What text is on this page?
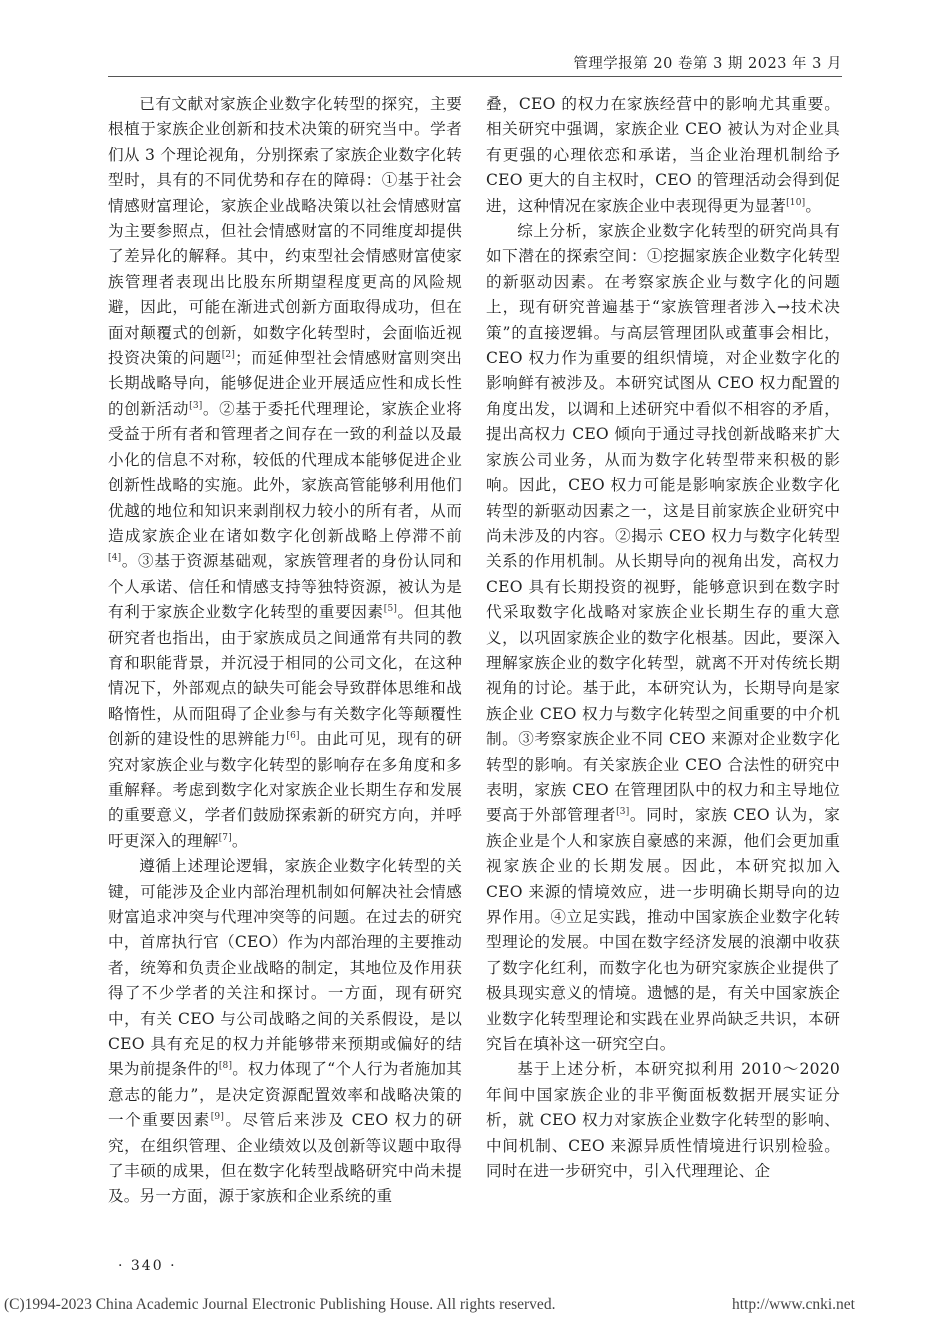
管理学报第 20 卷第 3 期 2023 年 3 月

已有文献对家族企业数字化转型的探究，主要根植于家族企业创新和技术决策的研究当中。学者们从 3 个理论视角，分别探索了家族企业数字化转型时，具有的不同优势和存在的障碍：①基于社会情感财富理论，家族企业战略决策以社会情感财富为主要参照点，但社会情感财富的不同维度却提供了差异化的解释。其中，约束型社会情感财富使家族管理者表现出比股东所期望程度更高的风险规避，因此，可能在渐进式创新方面取得成功，但在面对颠覆式的创新，如数字化转型时，会面临近视投资决策的问题[2]；而延伸型社会情感财富则突出长期战略导向，能够促进企业开展适应性和成长性的创新活动[3]。②基于委托代理理论，家族企业将受益于所有者和管理者之间存在一致的利益以及最小化的信息不对称，较低的代理成本能够促进企业创新性战略的实施。此外，家族高管能够利用他们优越的地位和知识来剥削权力较小的所有者，从而造成家族企业在诸如数字化创新战略上停滞不前[4]。③基于资源基础观，家族管理者的身份认同和个人承诺、信任和情感支持等独特资源，被认为是有利于家族企业数字化转型的重要因素[5]。但其他研究者也指出，由于家族成员之间通常有共同的教育和职能背景，并沉浸于相同的公司文化，在这种情况下，外部观点的缺失可能会导致群体思维和战略惰性，从而阻碍了企业参与有关数字化等颠覆性创新的建设性的思辨能力[6]。由此可见，现有的研究对家族企业与数字化转型的影响存在多角度和多重解释。考虑到数字化对家族企业长期生存和发展的重要意义，学者们鼓励探索新的研究方向，并呼吁更深入的理解[7]。

遵循上述理论逻辑，家族企业数字化转型的关键，可能涉及企业内部治理机制如何解决社会情感财富追求冲突与代理冲突等的问题。在过去的研究中，首席执行官（CEO）作为内部治理的主要推动者，统筹和负责企业战略的制定，其地位及作用获得了不少学者的关注和探讨。一方面，现有研究中，有关 CEO 与公司战略之间的关系假设，是以 CEO 具有充足的权力并能够带来预期或偏好的结果为前提条件的[8]。权力体现了“个人行为者施加其意志的能力”，是决定资源配置效率和战略决策的一个重要因素[9]。尽管后来涉及 CEO 权力的研究，在组织管理、企业绩效以及创新等议题中取得了丰硕的成果，但在数字化转型战略研究中尚未提及。另一方面，源于家族和企业系统的重

叠，CEO 的权力在家族经营中的影响尤其重要。相关研究中强调，家族企业 CEO 被认为对企业具有更强的心理依恋和承诺，当企业治理机制给予 CEO 更大的自主权时，CEO 的管理活动会得到促进，这种情况在家族企业中表现得更为显著[10]。

综上分析，家族企业数字化转型的研究尚具有如下潜在的探索空间：①挖掘家族企业数字化转型的新驱动因素。在考察家族企业与数字化的问题上，现有研究普遍基于“家族管理者涉入→技术决策”的直接逻辑。与高层管理团队或董事会相比，CEO 权力作为重要的组织情境，对企业数字化的影响鲜有被涉及。本研究试图从 CEO 权力配置的角度出发，以调和上述研究中看似不相容的矛盾，提出高权力 CEO 倾向于通过寻找创新战略来扩大家族公司业务，从而为数字化转型带来积极的影响。因此，CEO 权力可能是影响家族企业数字化转型的新驱动因素之一，这是目前家族企业研究中尚未涉及的内容。②揭示 CEO 权力与数字化转型关系的作用机制。从长期导向的视角出发，高权力 CEO 具有长期投资的视野，能够意识到在数字时代采取数字化战略对家族企业长期生存的重大意义，以巩固家族企业的数字化根基。因此，要深入理解家族企业的数字化转型，就离不开对传统长期视角的讨论。基于此，本研究认为，长期导向是家族企业 CEO 权力与数字化转型之间重要的中介机制。③考察家族企业不同 CEO 来源对企业数字化转型的影响。有关家族企业 CEO 合法性的研究中表明，家族 CEO 在管理团队中的权力和主导地位要高于外部管理者[3]。同时，家族 CEO 认为，家族企业是个人和家族自豪感的来源，他们会更加重视家族企业的长期发展。因此，本研究拟加入 CEO 来源的情境效应，进一步明确长期导向的边界作用。④立足实践，推动中国家族企业数字化转型理论的发展。中国在数字经济发展的浪潮中收获了数字化红利，而数字化也为研究家族企业提供了极具现实意义的情境。遗憾的是，有关中国家族企业数字化转型理论和实践在业界尚缺乏共识，本研究旨在填补这一研究空白。

基于上述分析，本研究拟利用 2010～2020 年间中国家族企业的非平衡面板数据开展实证分析，就 CEO 权力对家族企业数字化转型的影响、中间机制、CEO 来源异质性情境进行识别检验。同时在进一步研究中，引入代理理论、企

· 340 ·
(C)1994-2023 China Academic Journal Electronic Publishing House. All rights reserved.	http://www.cnki.net
